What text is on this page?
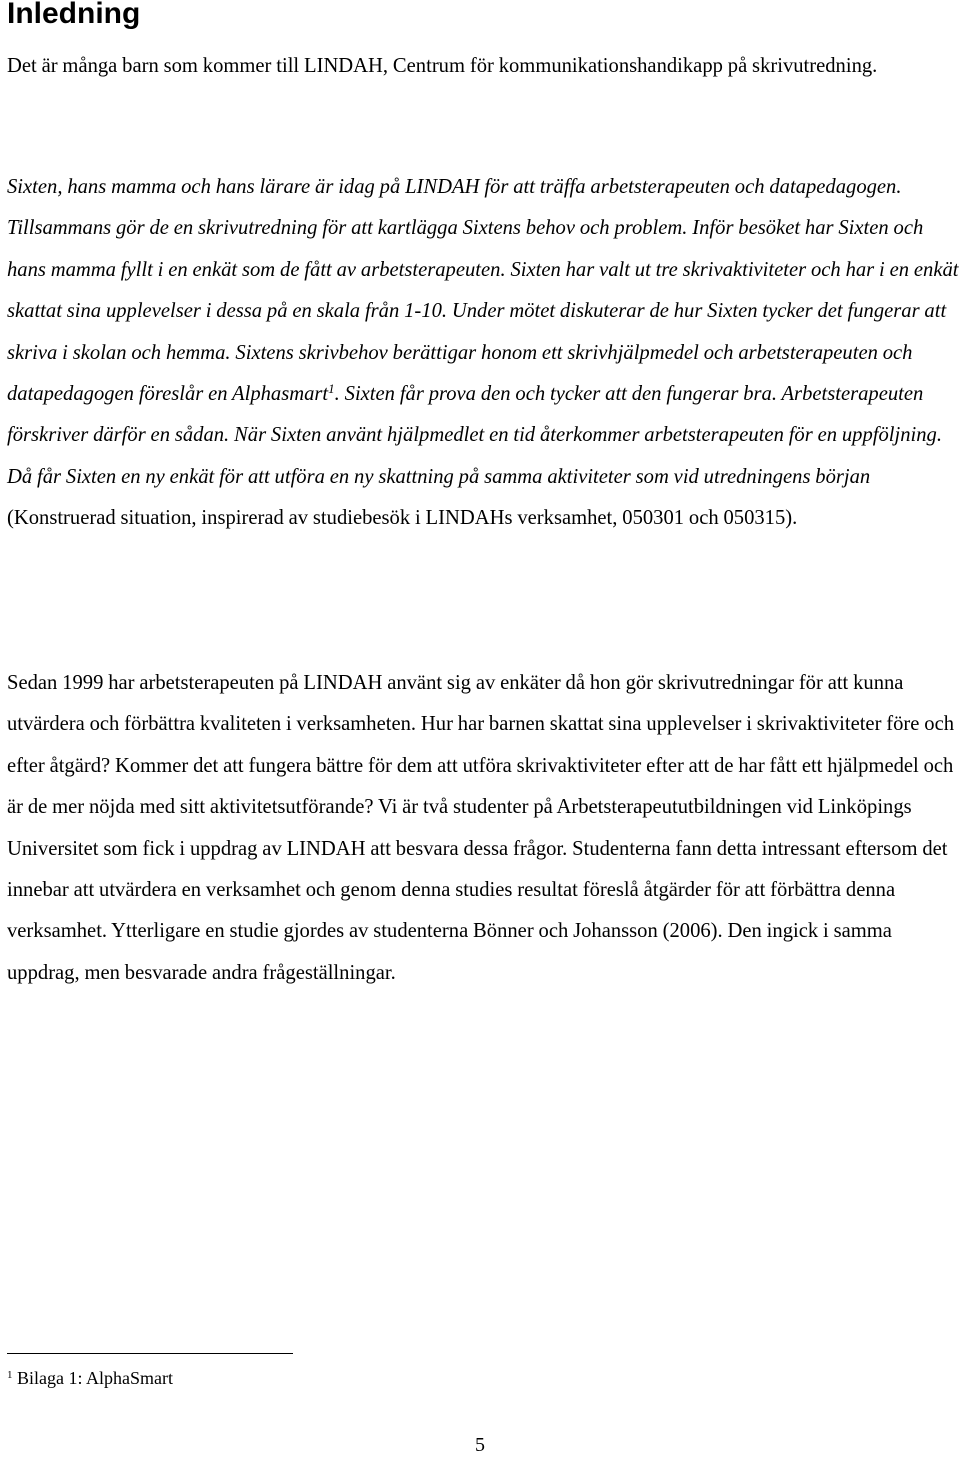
Inledning

Det är många barn som kommer till LINDAH, Centrum för kommunikationshandikapp på skrivutredning.

Sixten, hans mamma och hans lärare är idag på LINDAH för att träffa arbetsterapeuten och datapedagogen. Tillsammans gör de en skrivutredning för att kartlägga Sixtens behov och problem. Inför besöket har Sixten och hans mamma fyllt i en enkät som de fått av arbetsterapeuten. Sixten har valt ut tre skrivaktiviteter och har i en enkät skattat sina upplevelser i dessa på en skala från 1-10. Under mötet diskuterar de hur Sixten tycker det fungerar att skriva i skolan och hemma. Sixtens skrivbehov berättigar honom ett skrivhjälpmedel och arbetsterapeuten och datapedagogen föreslår en Alphasmart$^1$. Sixten får prova den och tycker att den fungerar bra. Arbetsterapeuten förskriver därför en sådan. När Sixten använt hjälpmedlet en tid återkommer arbetsterapeuten för en uppföljning. Då får Sixten en ny enkät för att utföra en ny skattning på samma aktiviteter som vid utredningens början (Konstruerad situation, inspirerad av studiebesök i LINDAHs verksamhet, 050301 och 050315).

Sedan 1999 har arbetsterapeuten på LINDAH använt sig av enkäter då hon gör skrivutredningar för att kunna utvärdera och förbättra kvaliteten i verksamheten. Hur har barnen skattat sina upplevelser i skrivaktiviteter före och efter åtgärd? Kommer det att fungera bättre för dem att utföra skrivaktiviteter efter att de har fått ett hjälpmedel och är de mer nöjda med sitt aktivitetsutförande? Vi är två studenter på Arbetsterapeututbildningen vid Linköpings Universitet som fick i uppdrag av LINDAH att besvara dessa frågor. Studenterna fann detta intressant eftersom det innebar att utvärdera en verksamhet och genom denna studies resultat föreslå åtgärder för att förbättra denna verksamhet. Ytterligare en studie gjordes av studenterna Bönner och Johansson (2006). Den ingick i samma uppdrag, men besvarade andra frågeställningar.

$^1$ Bilaga 1: AlphaSmart

5
